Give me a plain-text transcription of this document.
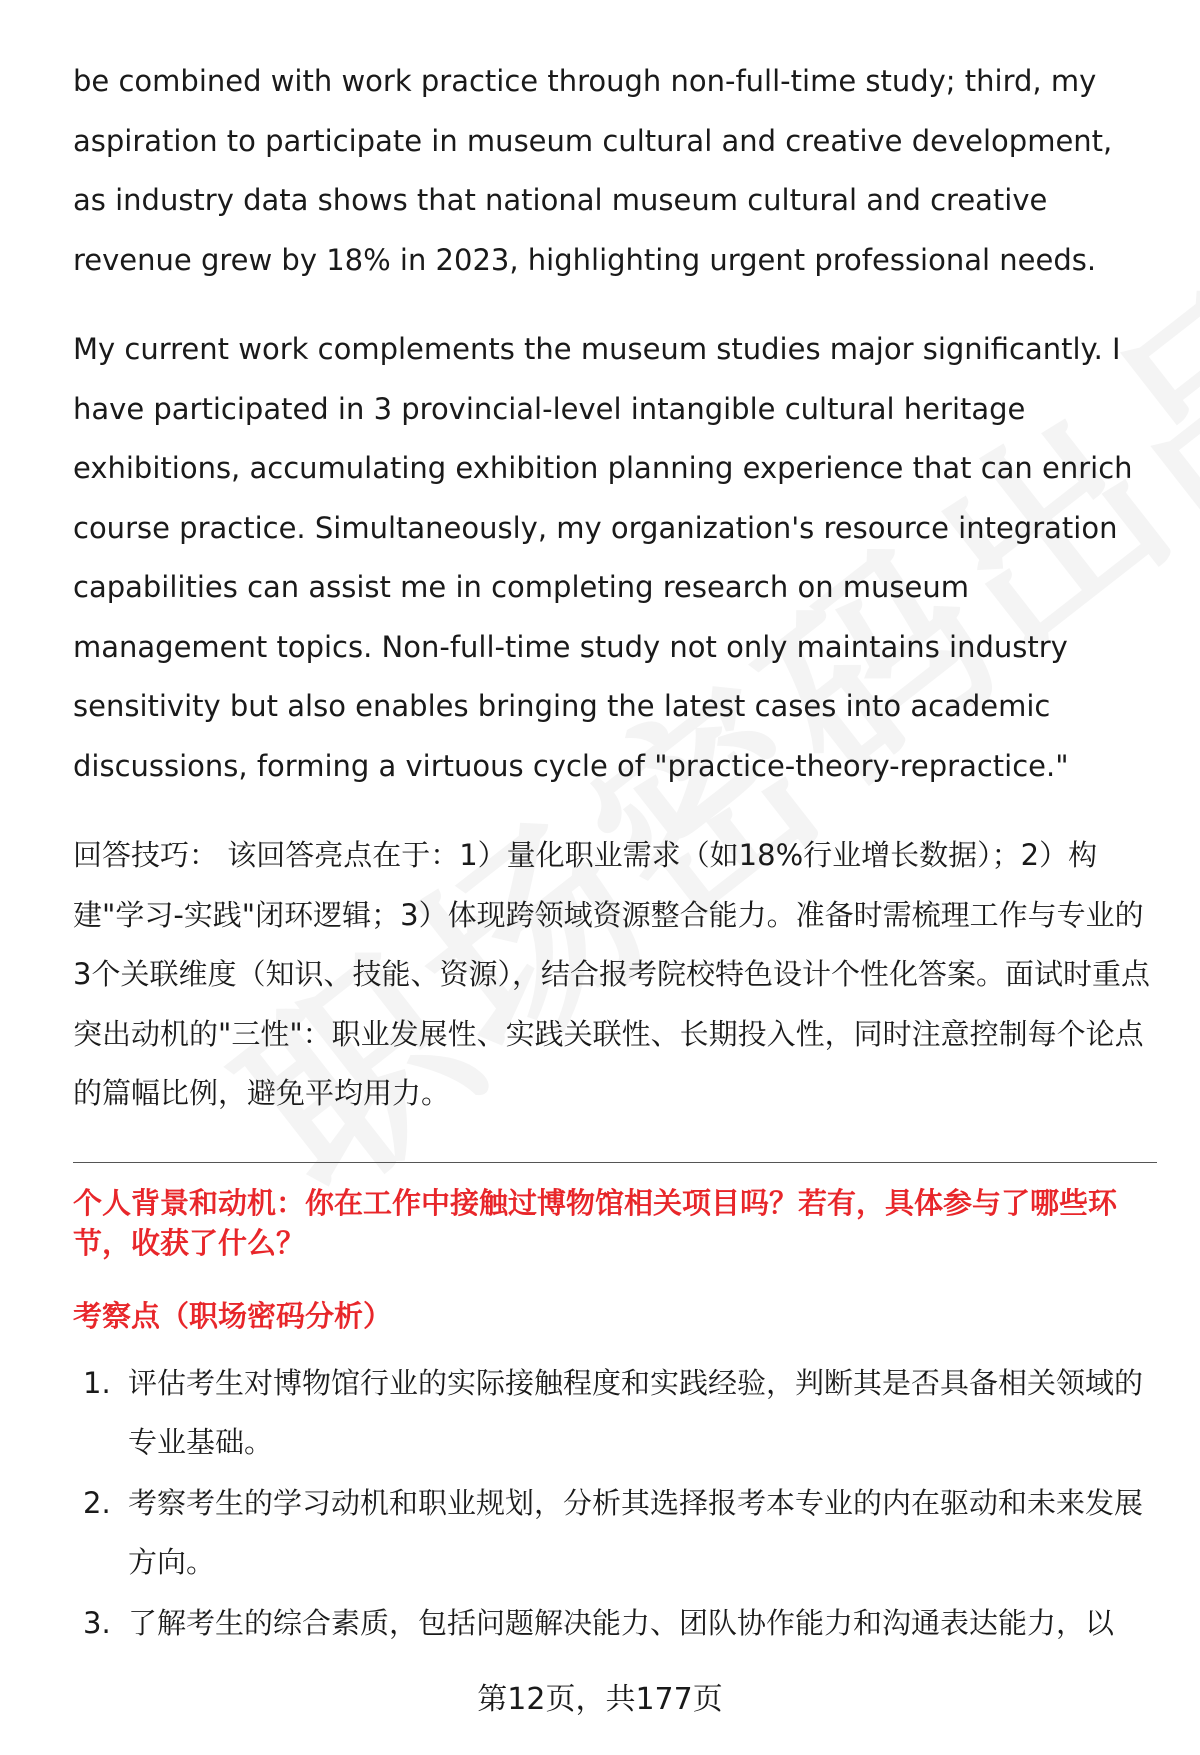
be combined with work practice through non-full-time study; third, my aspiration to participate in museum cultural and creative development, as industry data shows that national museum cultural and creative revenue grew by 18% in 2023, highlighting urgent professional needs.

My current work complements the museum studies major significantly. I have participated in 3 provincial-level intangible cultural heritage exhibitions, accumulating exhibition planning experience that can enrich course practice. Simultaneously, my organization's resource integration capabilities can assist me in completing research on museum management topics. Non-full-time study not only maintains industry sensitivity but also enables bringing the latest cases into academic discussions, forming a virtuous cycle of "practice-theory-repractice."

回答技巧： 该回答亮点在于：1）量化职业需求（如18%行业增长数据）；2）构建"学习-实践"闭环逻辑；3）体现跨领域资源整合能力。准备时需梳理工作与专业的3个关联维度（知识、技能、资源），结合报考院校特色设计个性化答案。面试时重点突出动机的"三性"：职业发展性、实践关联性、长期投入性，同时注意控制每个论点的篇幅比例，避免平均用力。

个人背景和动机：你在工作中接触过博物馆相关项目吗？若有，具体参与了哪些环节，收获了什么？
考察点（职场密码分析）
1. 评估考生对博物馆行业的实际接触程度和实践经验，判断其是否具备相关领域的专业基础。
2. 考察考生的学习动机和职业规划，分析其选择报考本专业的内在驱动和未来发展方向。
3. 了解考生的综合素质，包括问题解决能力、团队协作能力和沟通表达能力，以
第12页，共177页
